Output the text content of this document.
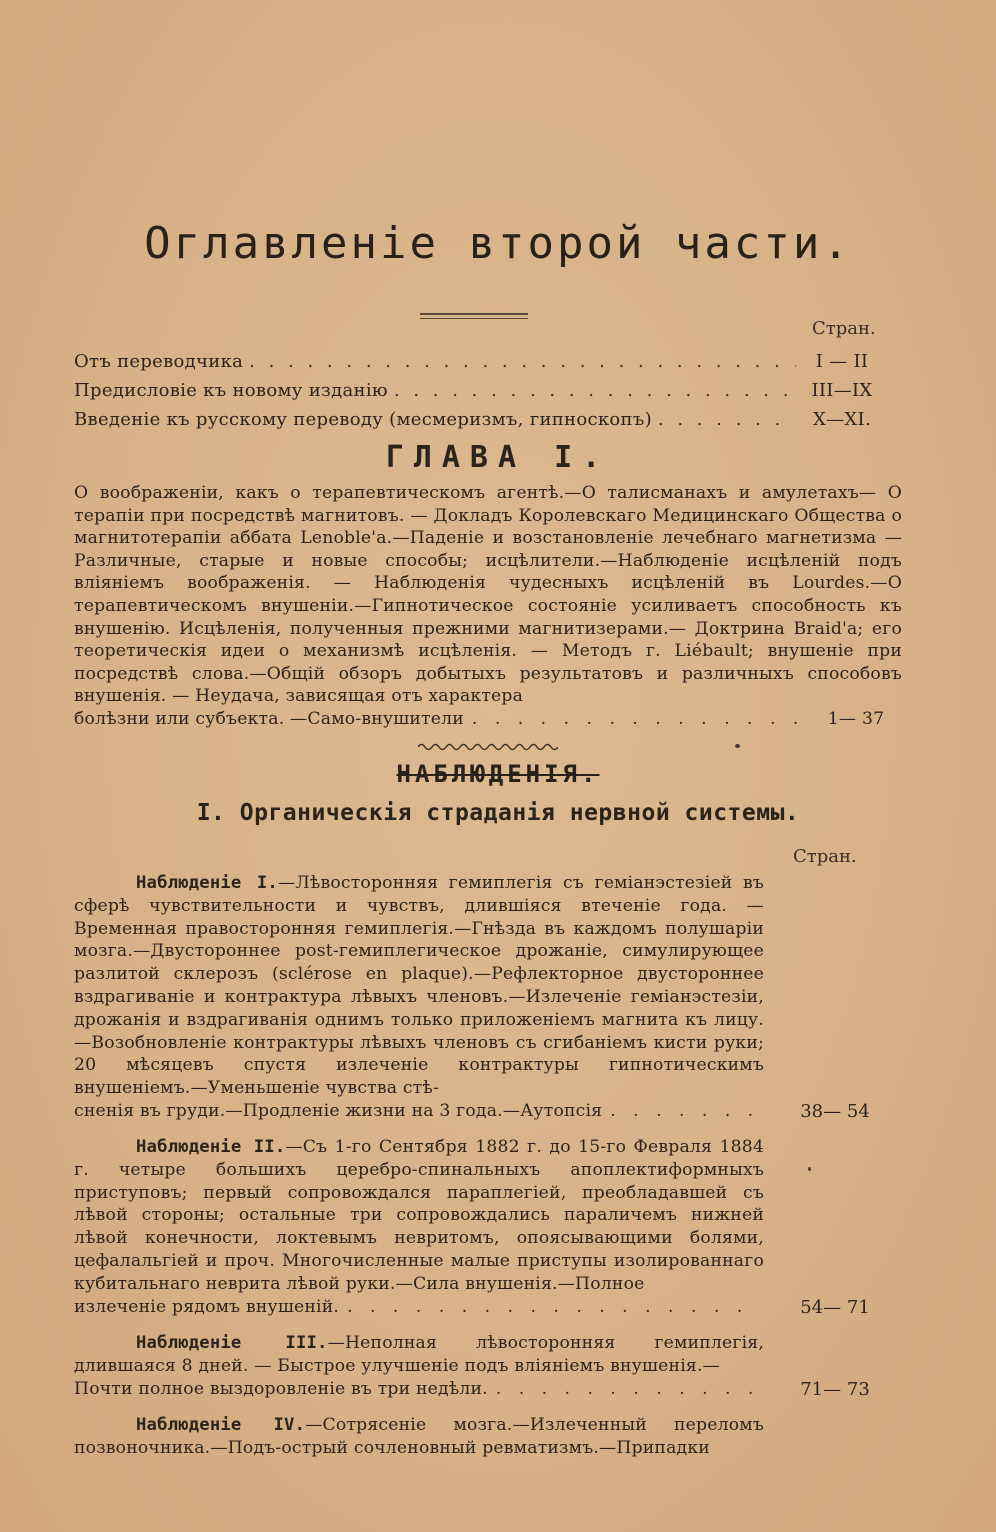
Оглавленіе второй части.
Стран.
Отъ переводчика . . .	I — II
Предисловіе къ новому изданію . . .	III—IX
Введеніе къ русскому переводу (месмеризмъ, гипноскопъ) . . .	X—XI.
ГЛАВА I.
О воображеніи, какъ о терапевтическомъ агентѣ.—О талисманахъ и амулетахъ— О терапіи при посредствѣ магнитовъ. — Докладъ Королевскаго Медицинскаго Общества о магнитотерапіи аббата Lenoble'а.—Паденіе и возстановленіе лечебнаго магнетизма —Различные, старые и новые способы; исцѣлители.—Наблюденіе исцѣленій подъ вліяніемъ воображенія. — Наблюденія чудесныхъ исцѣленій въ Lourdes.—О терапевтическомъ внушеніи.—Гипнотическое состояніе усиливаетъ способность къ внушенію. Исцѣленія, полученныя прежними магнитизерами.— Доктрина Braid'а; его теоретическія идеи о механизмѣ исцѣленія. — Методъ г. Liébault; внушеніе при посредствѣ слова.—Общій обзоръ добытыхъ результатовъ и различныхъ способовъ внушенія. — Неудача, зависящая отъ характера
болѣзни или субъекта. —Само-внушители . . .	1— 37
НАБЛЮДЕНІЯ.
I. Органическія страданія нервной системы.
Стран.
Наблюденіе I.—Лѣвосторонняя гемиплегія съ геміанэстезіей въ сферѣ чувствительности и чувствъ, длившіяся втеченіе года. — Временная правосторонняя гемиплегія.—Гнѣзда въ каждомъ полушаріи мозга.—Двустороннее post-гемиплегическое дрожаніе, симулирующее разлитой склерозъ (sclérose en plaque).—Рефлекторное двустороннее вздрагиваніе и контрактура лѣвыхъ членовъ.—Излеченіе геміанэстезіи, дрожанія и вздрагиванія однимъ только приложеніемъ магнита къ лицу.—Возобновленіе контрактуры лѣвыхъ членовъ съ сгибаніемъ кисти руки; 20 мѣсяцевъ спустя излеченіе контрактуры гипнотическимъ внушеніемъ.—Уменьшеніе чувства стѣ-
сненія въ груди.—Продленіе жизни на 3 года.—Аутопсія . . .	38— 54
Наблюденіе II.—Съ 1-го Сентября 1882 г. до 15-го Февраля 1884 г. четыре большихъ церебро-спинальныхъ апоплектиформныхъ приступовъ; первый сопровождался параплегіей, преобладавшей съ лѣвой стороны; остальные три сопровождались параличемъ нижней лѣвой конечности, локтевымъ невритомъ, опоясывающими болями, цефалальгіей и проч. Многочисленные малые приступы изолированнаго кубитальнаго неврита лѣвой руки.—Сила внушенія.—Полное
излеченіе рядомъ внушеній. . . .	54— 71
Наблюденіе III.—Неполная лѣвосторонняя гемиплегія, длившаяся 8 дней. — Быстрое улучшеніе подъ вліяніемъ внушенія.—
Почти полное выздоровленіе въ три недѣли. . . .	71— 73
Наблюденіе IV.—Сотрясеніе мозга.—Излеченный переломъ позвоночника.—Подъ-острый сочленовный ревматизмъ.—Припадки
